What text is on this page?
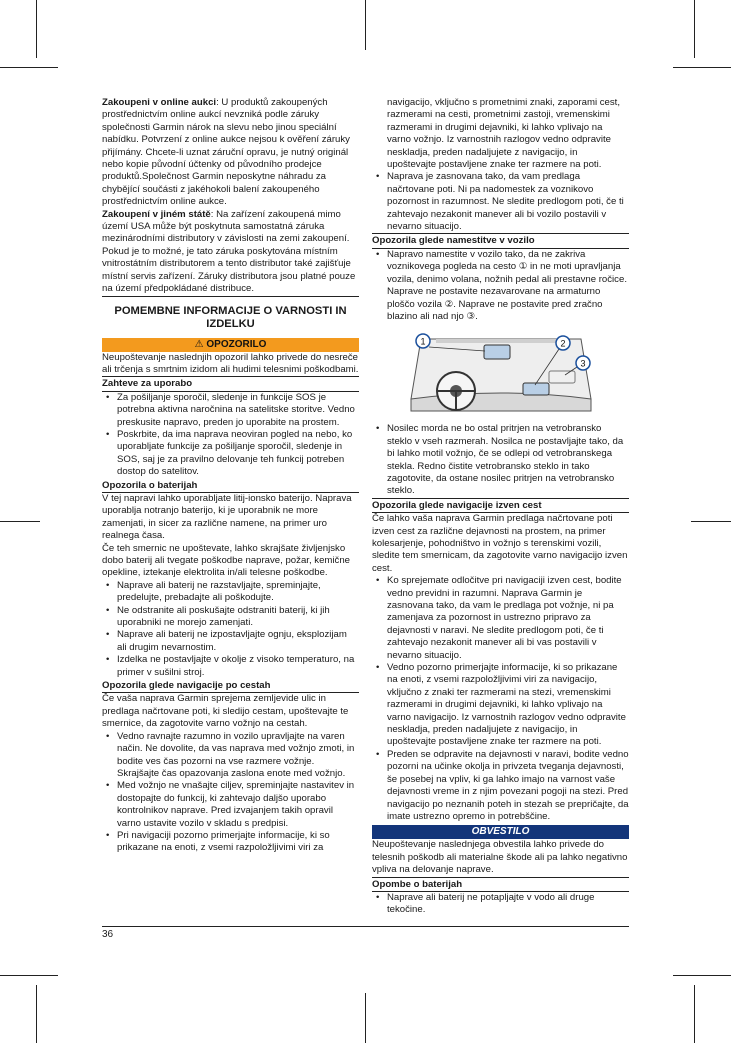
Zakoupeni v online aukci: U produktů zakoupených prostřednictvím online aukcí nevzniká podle záruky společnosti Garmin nárok na slevu nebo jinou speciální nabídku. Potvrzení z online aukce nejsou k ověření záruky přijímány. Chcete-li uznat záruční opravu, je nutný originál nebo kopie původní účtenky od původního prodejce produktů.Společnost Garmin neposkytne náhradu za chybějící součásti z jakéhokoli balení zakoupeného prostřednictvím online aukce.

Zakoupení v jiném státě: Na zařízení zakoupená mimo území USA může být poskytnuta samostatná záruka mezinárodními distributory v závislosti na zemi zakoupení. Pokud je to možné, je tato záruka poskytována místním vnitrostátním distributorem a tento distributor také zajišťuje místní servis zařízení. Záruky distributora jsou platné pouze na území předpokládané distribuce.

POMEMBNE INFORMACIJE O VARNOSTI IN IZDELKU
⚠ OPOZORILO

Neupoštevanje naslednjih opozoril lahko privede do nesreče ali trčenja s smrtnim izidom ali hudimi telesnimi poškodbami.

Zahteve za uporabo

• Za pošiljanje sporočil, sledenje in funkcije SOS je potrebna aktivna naročnina na satelitske storitve. Vedno preskusite napravo, preden jo uporabite na prostem.
• Poskrbite, da ima naprava neoviran pogled na nebo, ko uporabljate funkcije za pošiljanje sporočil, sledenje in SOS, saj je za pravilno delovanje teh funkcij potreben dostop do satelitov.

Opozorila o baterijah

V tej napravi lahko uporabljate litij-ionsko baterijo. Naprava uporablja notranjo baterijo, ki je uporabnik ne more zamenjati, in sicer za različne namene, na primer uro realnega časa.

Če teh smernic ne upoštevate, lahko skrajšate življenjsko dobo baterij ali tvegate poškodbe naprave, požar, kemične opekline, iztekanje elektrolita in/ali telesne poškodbe.

• Naprave ali baterij ne razstavljajte, spreminjajte, predelujte, prebadajte ali poškodujte.
• Ne odstranite ali poskušajte odstraniti baterij, ki jih uporabniki ne morejo zamenjati.
• Naprave ali baterij ne izpostavljajte ognju, eksplozijam ali drugim nevarnostim.
• Izdelka ne postavljajte v okolje z visoko temperaturo, na primer v sušilni stroj.

Opozorila glede navigacije po cestah

Če vaša naprava Garmin sprejema zemljevide ulic in predlaga načrtovane poti, ki sledijo cestam, upoštevajte te smernice, da zagotovite varno vožnjo na cestah.

• Vedno ravnajte razumno in vozilo upravljajte na varen način. Ne dovolite, da vas naprava med vožnjo zmoti, in bodite ves čas pozorni na vse razmere vožnje. Skrajšajte čas opazovanja zaslona enote med vožnjo.
• Med vožnjo ne vnašajte ciljev, spreminjajte nastavitev in dostopajte do funkcij, ki zahtevajo daljšo uporabo kontrolnikov naprave. Pred izvajanjem takih opravil varno ustavite vozilo v skladu s predpisi.
• Pri navigaciji pozorno primerjajte informacije, ki so prikazane na enoti, z vsemi razpoložljivimi viri za

navigacijo, vključno s prometnimi znaki, zaporami cest, razmerami na cesti, prometnimi zastoji, vremenskimi razmerami in drugimi dejavniki, ki lahko vplivajo na varno vožnjo. Iz varnostnih razlogov vedno odpravite neskladja, preden nadaljujete z navigacijo, in upoštevajte postavljene znake ter razmere na poti.

• Naprava je zasnovana tako, da vam predlaga načrtovane poti. Ni pa nadomestek za voznikovo pozornost in razumnost. Ne sledite predlogom poti, če ti zahtevajo nezakonit manever ali bi vozilo postavili v nevarno situacijo.

Opozorila glede namestitve v vozilo

• Napravo namestite v vozilo tako, da ne zakriva voznikovega pogleda na cesto ① in ne moti upravljanja vozila, denimo volana, nožnih pedal ali prestavne ročice. Naprave ne postavite nezavarovane na armaturno ploščo vozila ②. Naprave ne postavite pred zračno blazino ali nad njo ③.
1	2
3
• Nosilec morda ne bo ostal pritrjen na vetrobransko steklo v vseh razmerah. Nosilca ne postavljajte tako, da bi lahko motil vožnjo, če se odlepi od vetrobranskega stekla. Redno čistite vetrobransko steklo in tako zagotovite, da ostane nosilec pritrjen na vetrobransko steklo.

Opozorila glede navigacije izven cest

Če lahko vaša naprava Garmin predlaga načrtovane poti izven cest za različne dejavnosti na prostem, na primer kolesarjenje, pohodništvo in vožnjo s terenskimi vozili, sledite tem smernicam, da zagotovite varno navigacijo izven cest.

• Ko sprejemate odločitve pri navigaciji izven cest, bodite vedno previdni in razumni. Naprava Garmin je zasnovana tako, da vam le predlaga pot vožnje, ni pa zamenjava za pozornost in ustrezno pripravo za dejavnosti v naravi. Ne sledite predlogom poti, če ti zahtevajo nezakonit manever ali bi vas postavili v nevarno situacijo.
• Vedno pozorno primerjajte informacije, ki so prikazane na enoti, z vsemi razpoložljivimi viri za navigacijo, vključno z znaki ter razmerami na stezi, vremenskimi razmerami in drugimi dejavniki, ki lahko vplivajo na varno navigacijo. Iz varnostnih razlogov vedno odpravite neskladja, preden nadaljujete z navigacijo, in upoštevajte postavljene znake ter razmere na poti.
• Preden se odpravite na dejavnosti v naravi, bodite vedno pozorni na učinke okolja in privzeta tveganja dejavnosti, še posebej na vpliv, ki ga lahko imajo na varnost vaše dejavnosti vreme in z njim povezani pogoji na stezi. Pred navigacijo po neznanih poteh in stezah se prepričajte, da imate ustrezno opremo in potrebščine.
OBVESTILO

Neupoštevanje naslednjega obvestila lahko privede do telesnih poškodb ali materialne škode ali pa lahko negativno vpliva na delovanje naprave.

Opombe o baterijah

• Naprave ali baterij ne potapljajte v vodo ali druge tekočine.
36
